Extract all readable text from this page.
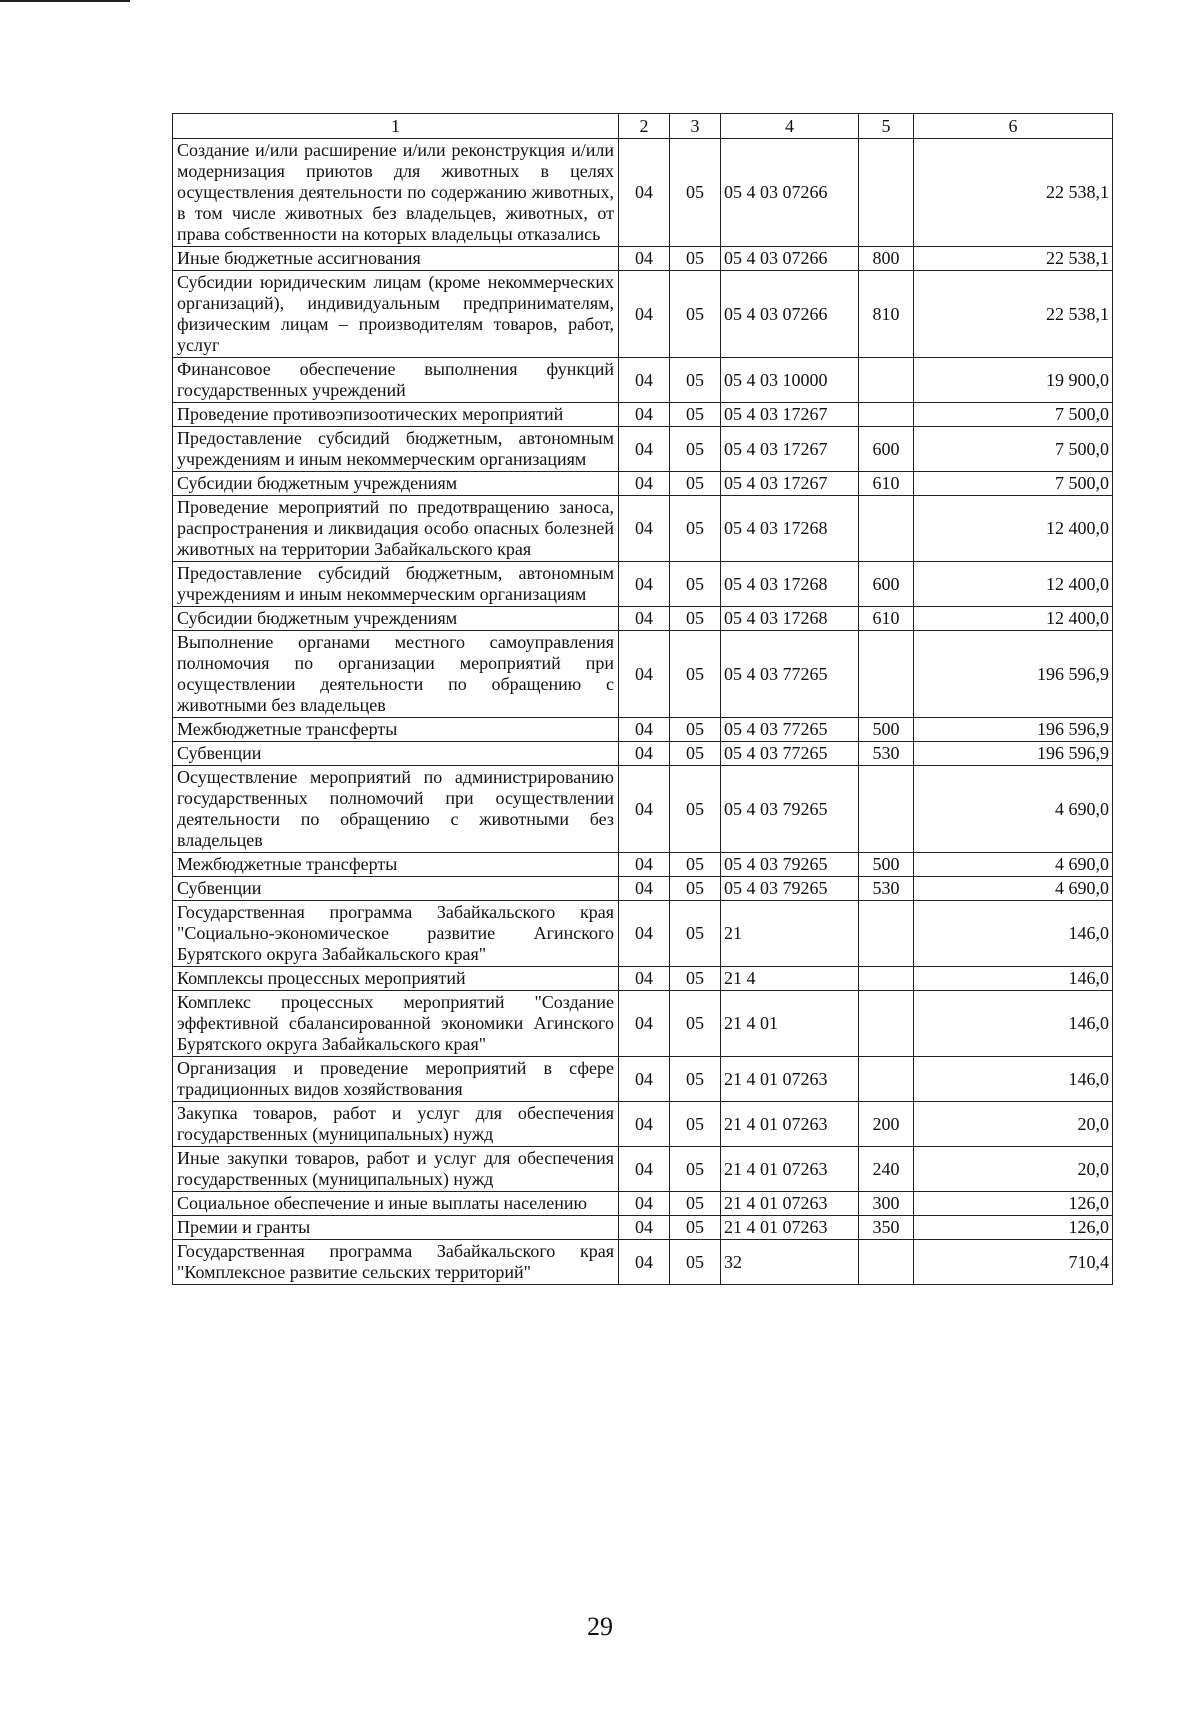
1	2	3	4	5	6
Создание и/или расширение и/или реконструкция и/или модернизация приютов для животных в целях осуществления деятельности по содержанию животных, в том числе животных без владельцев, животных, от права собственности на которых владельцы отказались	04	05	05 4 03 07266		22 538,1
Иные бюджетные ассигнования	04	05	05 4 03 07266	800	22 538,1
Субсидии юридическим лицам (кроме некоммерческих организаций), индивидуальным предпринимателям, физическим лицам – производителям товаров, работ, услуг	04	05	05 4 03 07266	810	22 538,1
Финансовое обеспечение выполнения функций государственных учреждений	04	05	05 4 03 10000		19 900,0
Проведение противоэпизоотических мероприятий	04	05	05 4 03 17267		7 500,0
Предоставление субсидий бюджетным, автономным учреждениям и иным некоммерческим организациям	04	05	05 4 03 17267	600	7 500,0
Субсидии бюджетным учреждениям	04	05	05 4 03 17267	610	7 500,0
Проведение мероприятий по предотвращению заноса, распространения и ликвидация особо опасных болезней животных на территории Забайкальского края	04	05	05 4 03 17268		12 400,0
Предоставление субсидий бюджетным, автономным учреждениям и иным некоммерческим организациям	04	05	05 4 03 17268	600	12 400,0
Субсидии бюджетным учреждениям	04	05	05 4 03 17268	610	12 400,0
Выполнение органами местного самоуправления полномочия по организации мероприятий при осуществлении деятельности по обращению с животными без владельцев	04	05	05 4 03 77265		196 596,9
Межбюджетные трансферты	04	05	05 4 03 77265	500	196 596,9
Субвенции	04	05	05 4 03 77265	530	196 596,9
Осуществление мероприятий по администрированию государственных полномочий при осуществлении деятельности по обращению с животными без владельцев	04	05	05 4 03 79265		4 690,0
Межбюджетные трансферты	04	05	05 4 03 79265	500	4 690,0
Субвенции	04	05	05 4 03 79265	530	4 690,0
Государственная программа Забайкальского края "Социально-экономическое развитие Агинского Бурятского округа Забайкальского края"	04	05	21		146,0
Комплексы процессных мероприятий	04	05	21 4		146,0
Комплекс процессных мероприятий "Создание эффективной сбалансированной экономики Агинского Бурятского округа Забайкальского края"	04	05	21 4 01		146,0
Организация и проведение мероприятий в сфере традиционных видов хозяйствования	04	05	21 4 01 07263		146,0
Закупка товаров, работ и услуг для обеспечения государственных (муниципальных) нужд	04	05	21 4 01 07263	200	20,0
Иные закупки товаров, работ и услуг для обеспечения государственных (муниципальных) нужд	04	05	21 4 01 07263	240	20,0
Социальное обеспечение и иные выплаты населению	04	05	21 4 01 07263	300	126,0
Премии и гранты	04	05	21 4 01 07263	350	126,0
Государственная программа Забайкальского края "Комплексное развитие сельских территорий"	04	05	32		710,4
29
